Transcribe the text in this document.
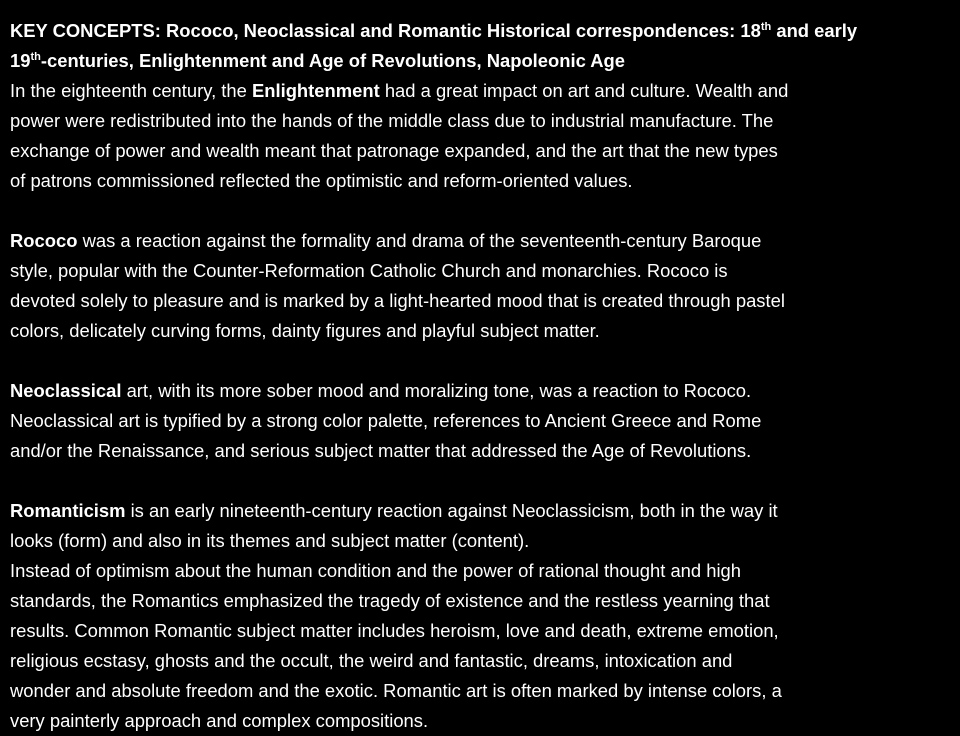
KEY CONCEPTS: Rococo, Neoclassical and Romantic Historical correspondences: 18th and early
19th-centuries, Enlightenment and Age of Revolutions, Napoleonic Age
In the eighteenth century, the Enlightenment had a great impact on art and culture. Wealth and
power were redistributed into the hands of the middle class due to industrial manufacture. The
exchange of power and wealth meant that patronage expanded, and the art that the new types
of patrons commissioned reflected the optimistic and reform-oriented values.
Rococo was a reaction against the formality and drama of the seventeenth-century Baroque
style, popular with the Counter-Reformation Catholic Church and monarchies. Rococo is
devoted solely to pleasure and is marked by a light-hearted mood that is created through pastel
colors, delicately curving forms, dainty figures and playful subject matter.
Neoclassical art, with its more sober mood and moralizing tone, was a reaction to Rococo.
Neoclassical art is typified by a strong color palette, references to Ancient Greece and Rome
and/or the Renaissance, and serious subject matter that addressed the Age of Revolutions.
Romanticism is an early nineteenth-century reaction against Neoclassicism, both in the way it
looks (form) and also in its themes and subject matter (content).
Instead of optimism about the human condition and the power of rational thought and high
standards, the Romantics emphasized the tragedy of existence and the restless yearning that
results. Common Romantic subject matter includes heroism, love and death, extreme emotion,
religious ecstasy, ghosts and the occult, the weird and fantastic, dreams, intoxication and
wonder and absolute freedom and the exotic. Romantic art is often marked by intense colors, a
very painterly approach and complex compositions.
